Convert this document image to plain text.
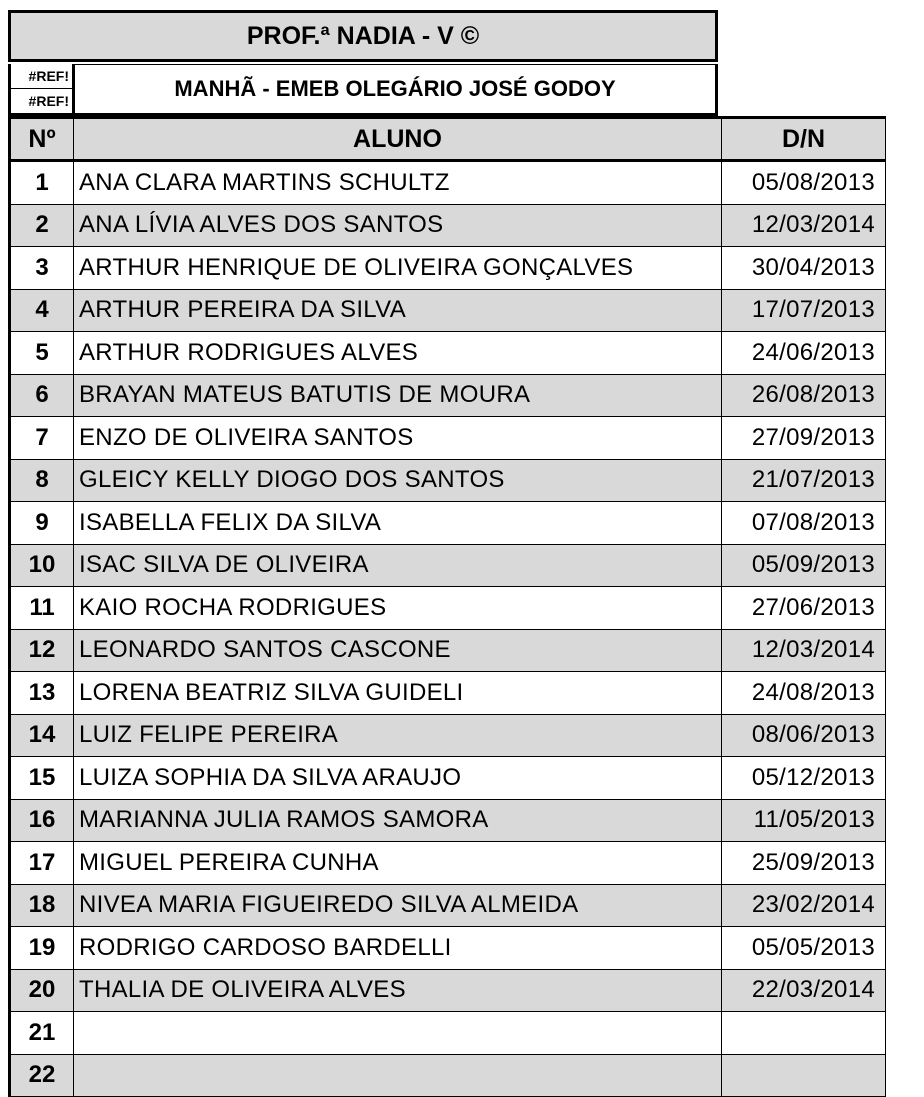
PROF.ª NADIA - V ©
#REF!
#REF!	MANHÃ - EMEB OLEGÁRIO JOSÉ GODOY
Nº	ALUNO	D/N
1	ANA CLARA MARTINS SCHULTZ	05/08/2013
2	ANA LÍVIA ALVES DOS SANTOS	12/03/2014
3	ARTHUR HENRIQUE DE OLIVEIRA GONÇALVES	30/04/2013
4	ARTHUR PEREIRA DA SILVA	17/07/2013
5	ARTHUR RODRIGUES ALVES	24/06/2013
6	BRAYAN MATEUS BATUTIS DE MOURA	26/08/2013
7	ENZO DE OLIVEIRA SANTOS	27/09/2013
8	GLEICY KELLY DIOGO DOS SANTOS	21/07/2013
9	ISABELLA FELIX DA SILVA	07/08/2013
10	ISAC SILVA DE OLIVEIRA	05/09/2013
11	KAIO ROCHA RODRIGUES	27/06/2013
12	LEONARDO SANTOS CASCONE	12/03/2014
13	LORENA BEATRIZ SILVA GUIDELI	24/08/2013
14	LUIZ FELIPE PEREIRA	08/06/2013
15	LUIZA SOPHIA DA SILVA ARAUJO	05/12/2013
16	MARIANNA JULIA RAMOS SAMORA	11/05/2013
17	MIGUEL PEREIRA CUNHA	25/09/2013
18	NIVEA MARIA FIGUEIREDO SILVA ALMEIDA	23/02/2014
19	RODRIGO CARDOSO BARDELLI	05/05/2013
20	THALIA DE OLIVEIRA ALVES	22/03/2014
21		
22		
